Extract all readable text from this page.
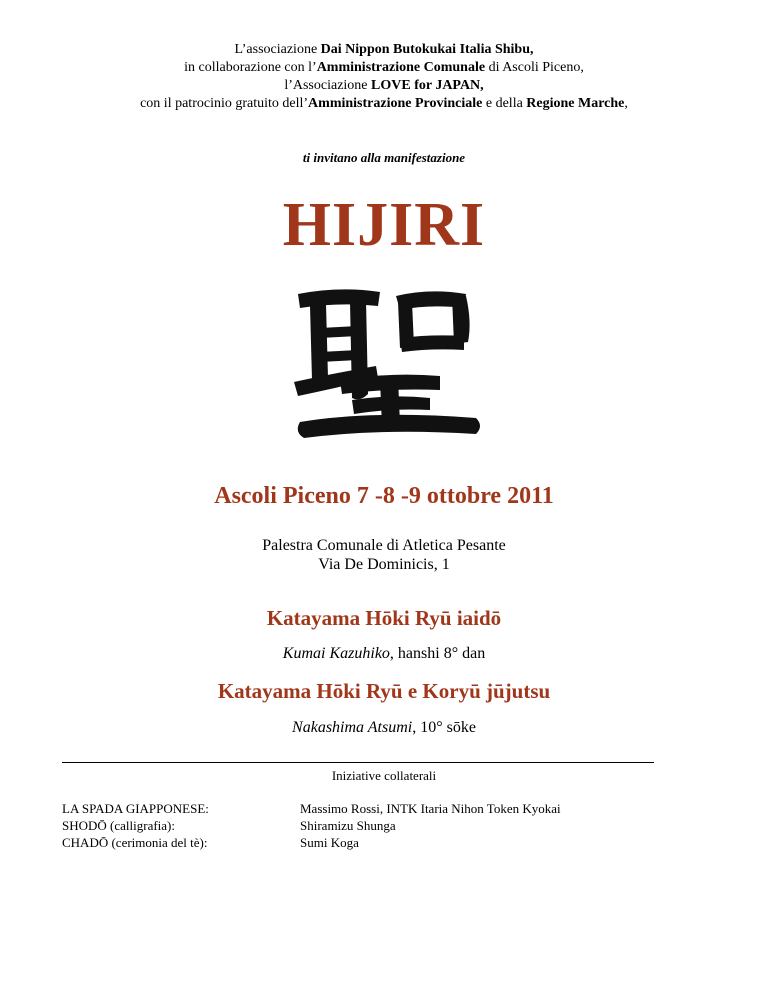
L’associazione Dai Nippon Butokukai Italia Shibu,
in collaborazione con l’Amministrazione Comunale di Ascoli Piceno,
l’Associazione LOVE for JAPAN,
con il patrocinio gratuito dell’Amministrazione Provinciale e della Regione Marche,
ti invitano alla manifestazione
HIJIRI
Ascoli Piceno 7 -8 -9 ottobre 2011
Palestra Comunale di Atletica Pesante
Via De Dominicis, 1
Katayama Hōki Ryū iaidō
Kumai Kazuhiko, hanshi 8° dan
Katayama Hōki Ryū e Koryū jūjutsu
Nakashima Atsumi, 10° sōke
Iniziative collaterali
LA SPADA GIAPPONESE:	Massimo Rossi, INTK Itaria Nihon Token Kyokai
SHODŌ (calligrafia):	Shiramizu Shunga
CHADŌ (cerimonia del tè):	Sumi Koga
